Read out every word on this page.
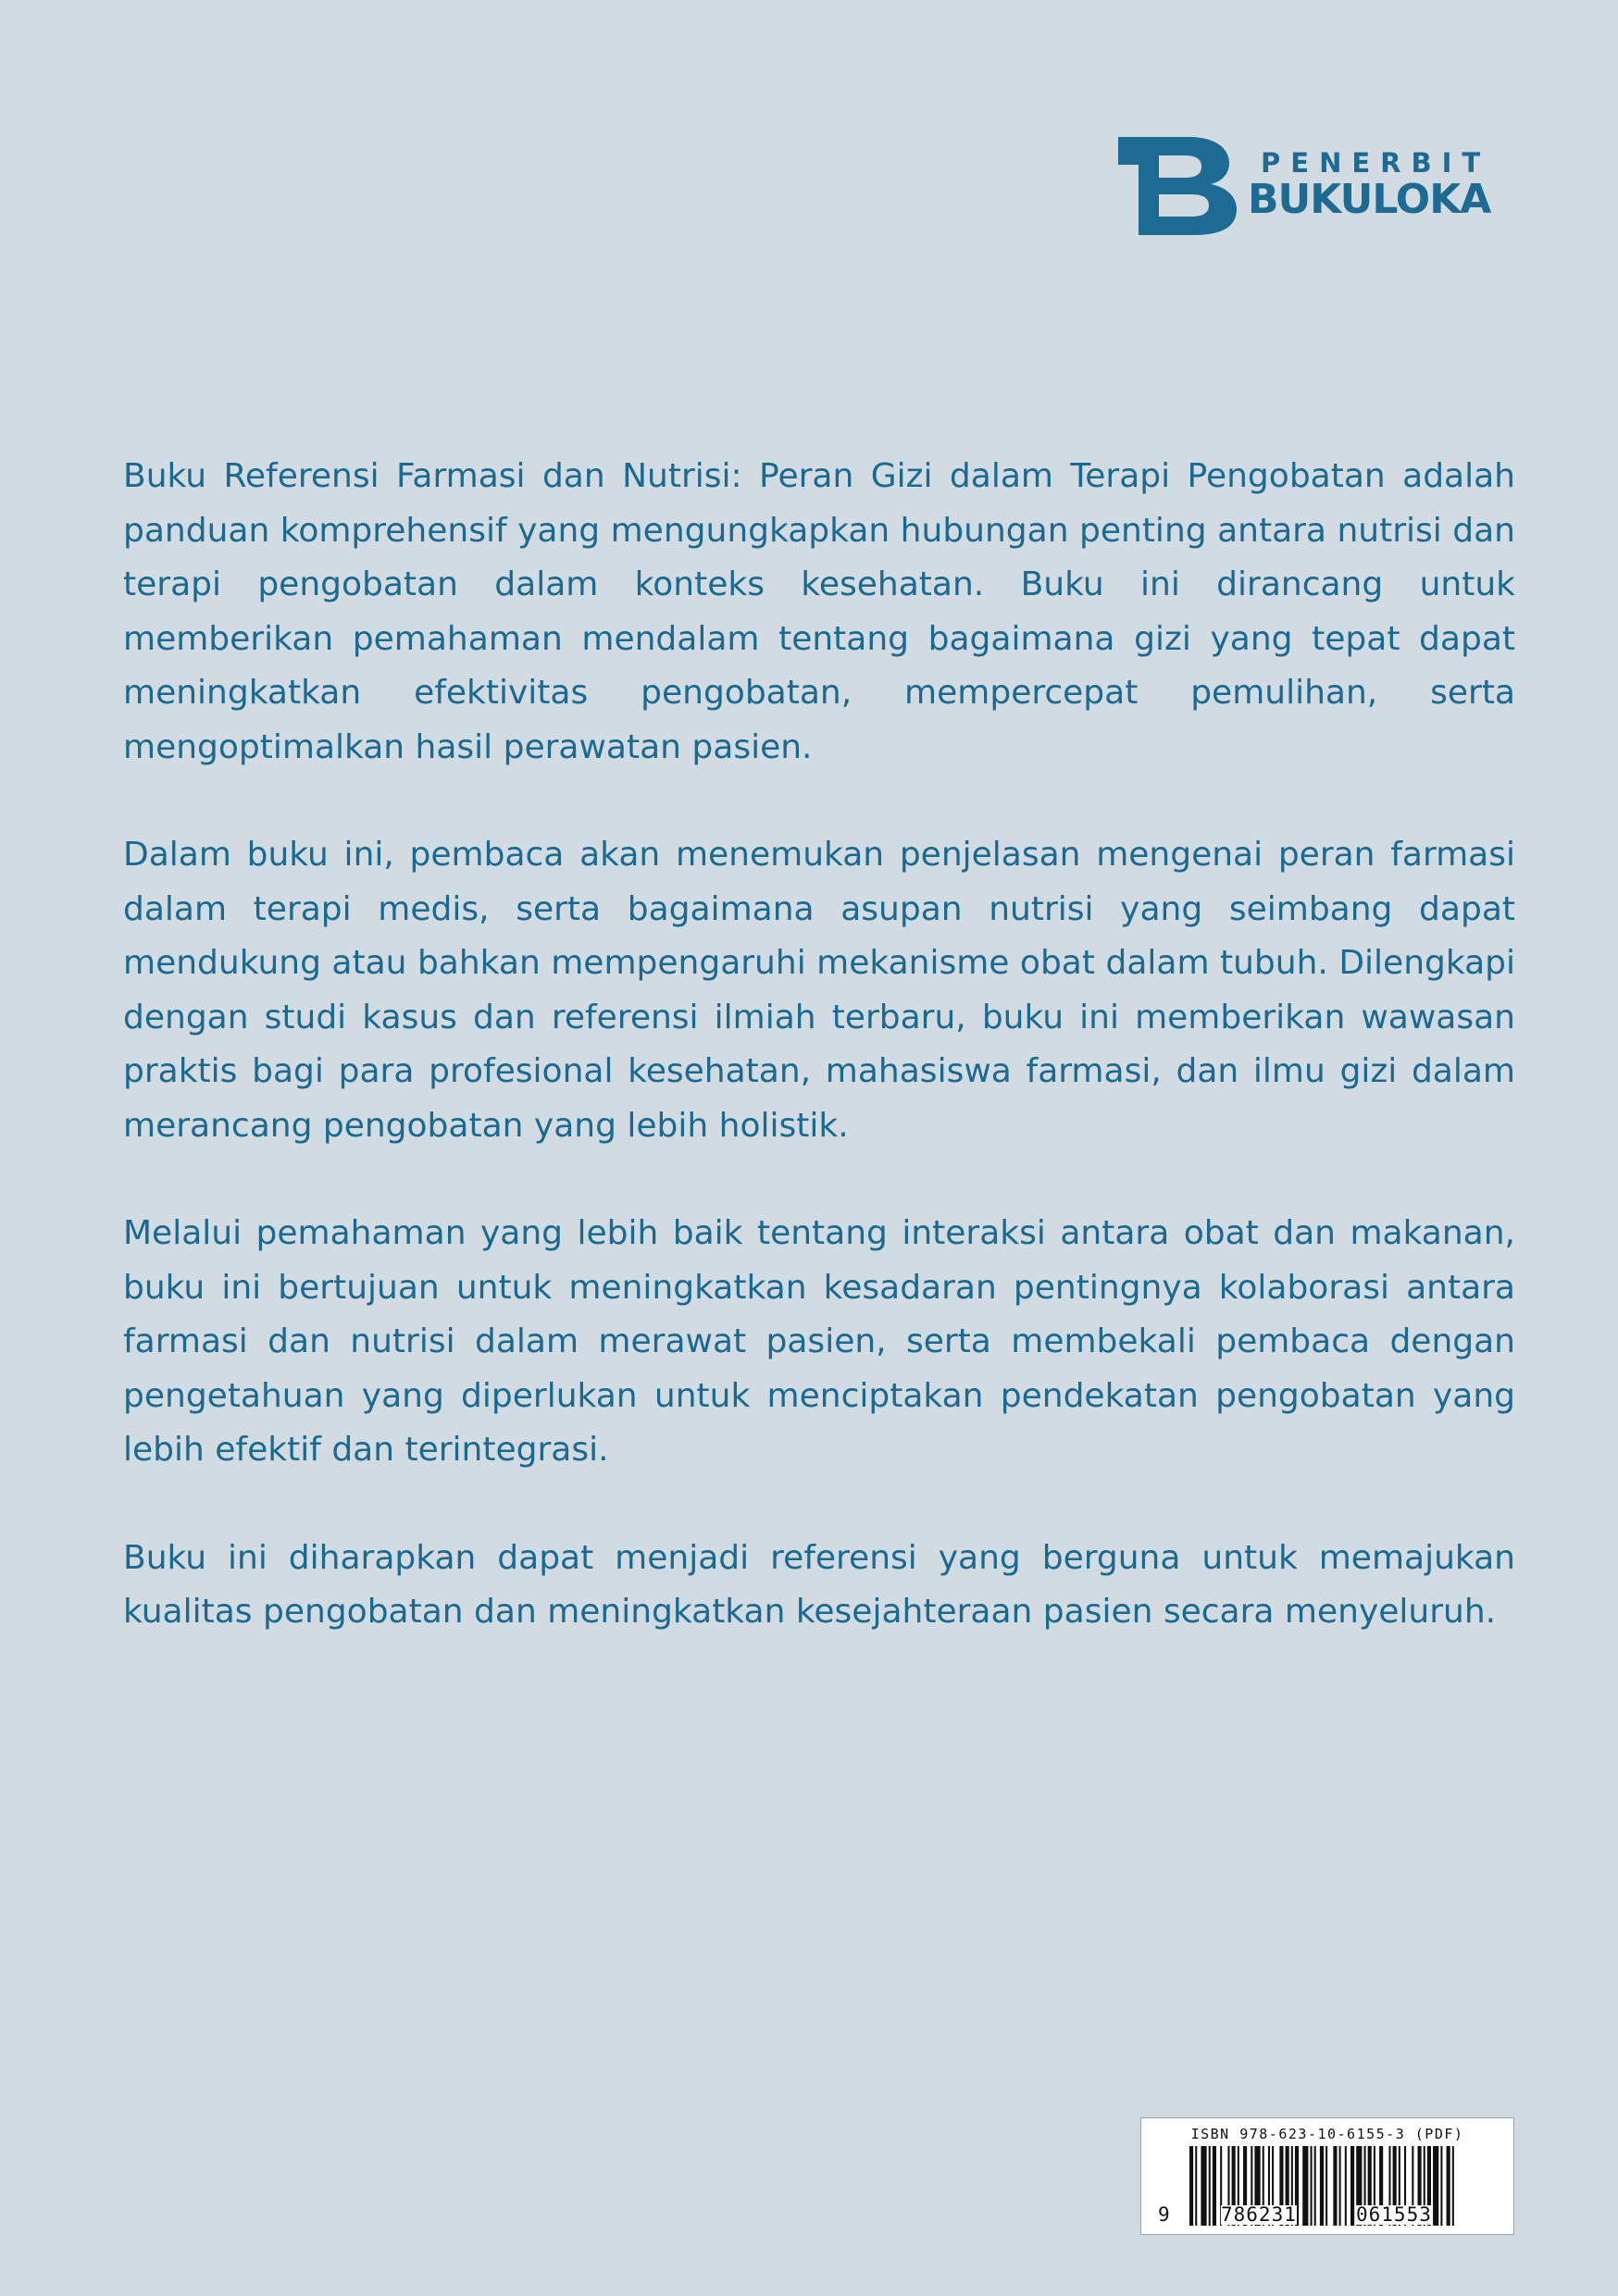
PENERBIT
BUKULOKA

Buku Referensi Farmasi dan Nutrisi: Peran Gizi dalam Terapi Pengobatan adalah panduan komprehensif yang mengungkapkan hubungan penting antara nutrisi dan terapi pengobatan dalam konteks kesehatan. Buku ini dirancang untuk memberikan pemahaman mendalam tentang bagaimana gizi yang tepat dapat meningkatkan efektivitas pengobatan, mempercepat pemulihan, serta mengoptimalkan hasil perawatan pasien.

Dalam buku ini, pembaca akan menemukan penjelasan mengenai peran farmasi dalam terapi medis, serta bagaimana asupan nutrisi yang seimbang dapat mendukung atau bahkan mempengaruhi mekanisme obat dalam tubuh. Dilengkapi dengan studi kasus dan referensi ilmiah terbaru, buku ini memberikan wawasan praktis bagi para profesional kesehatan, mahasiswa farmasi, dan ilmu gizi dalam merancang pengobatan yang lebih holistik.

Melalui pemahaman yang lebih baik tentang interaksi antara obat dan makanan, buku ini bertujuan untuk meningkatkan kesadaran pentingnya kolaborasi antara farmasi dan nutrisi dalam merawat pasien, serta membekali pembaca dengan pengetahuan yang diperlukan untuk menciptakan pendekatan pengobatan yang lebih efektif dan terintegrasi.

Buku ini diharapkan dapat menjadi referensi yang berguna untuk memajukan kualitas pengobatan dan meningkatkan kesejahteraan pasien secara menyeluruh.

ISBN 978-623-10-6155-3 (PDF)
9	786231	061553
